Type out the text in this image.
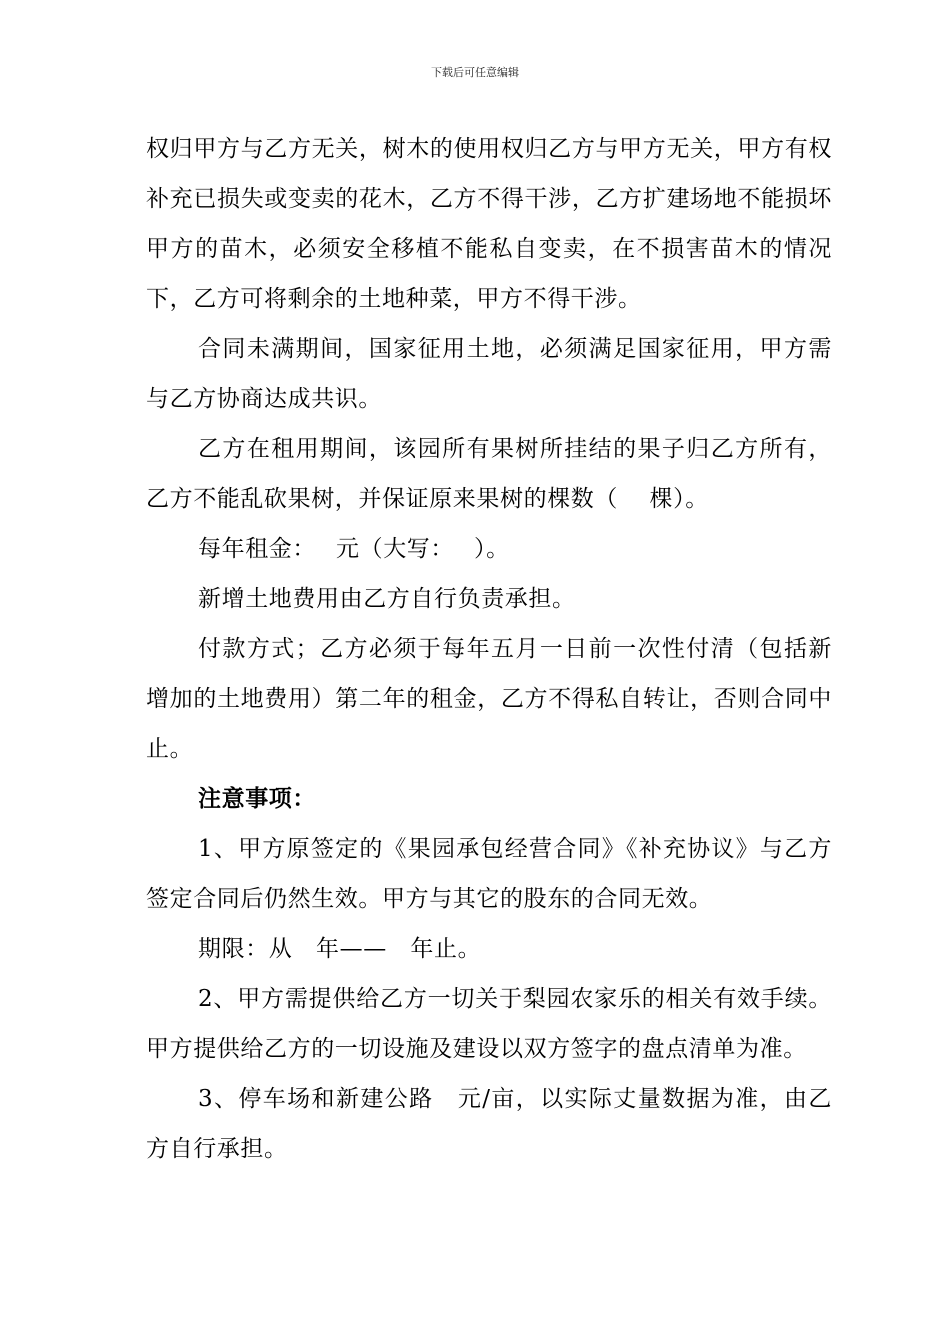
下载后可任意编辑

权归甲方与乙方无关，树木的使用权归乙方与甲方无关，甲方有权补充已损失或变卖的花木，乙方不得干涉，乙方扩建场地不能损坏甲方的苗木，必须安全移植不能私自变卖，在不损害苗木的情况下，乙方可将剩余的土地种菜，甲方不得干涉。

合同未满期间，国家征用土地，必须满足国家征用，甲方需与乙方协商达成共识。

乙方在租用期间，该园所有果树所挂结的果子归乙方所有，乙方不能乱砍果树，并保证原来果树的棵数（　 棵）。

每年租金：　 元（大写：　 ）。

新增土地费用由乙方自行负责承担。

付款方式；乙方必须于每年五月一日前一次性付清（包括新增加的土地费用）第二年的租金，乙方不得私自转让，否则合同中止。

注意事项：

1、甲方原签定的《果园承包经营合同》《补充协议》与乙方签定合同后仍然生效。甲方与其它的股东的合同无效。

期限：从　年——　年止。

2、甲方需提供给乙方一切关于梨园农家乐的相关有效手续。甲方提供给乙方的一切设施及建设以双方签字的盘点清单为准。

3、停车场和新建公路　元/亩，以实际丈量数据为准，由乙方自行承担。
